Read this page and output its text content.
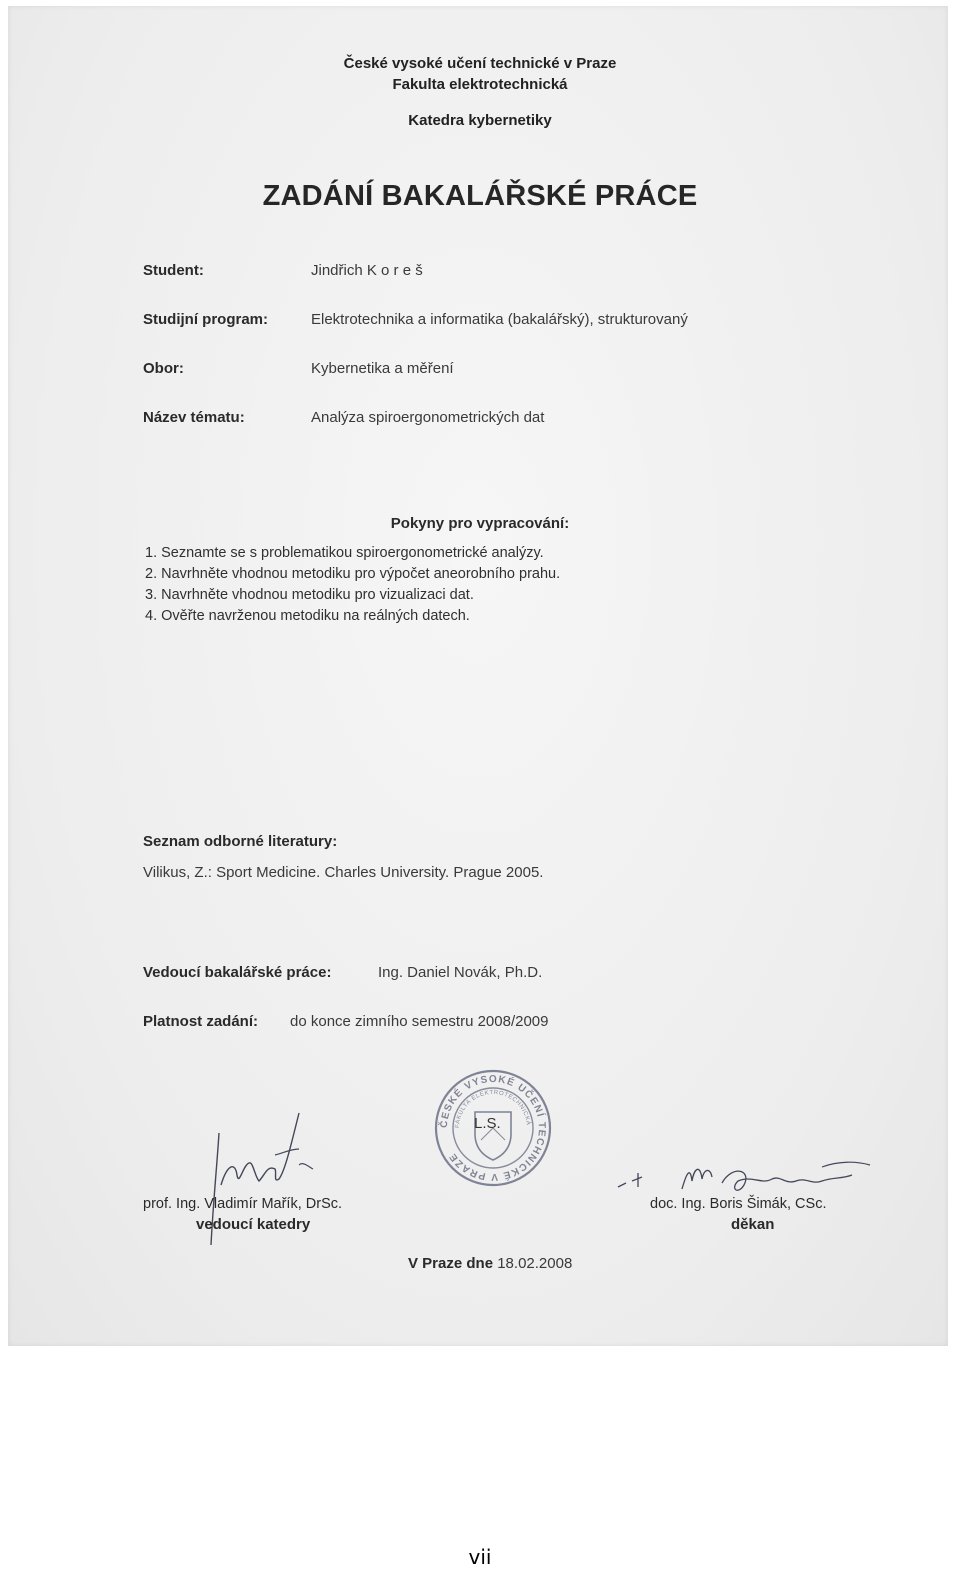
České vysoké učení technické v Praze
Fakulta elektrotechnická
Katedra kybernetiky
ZADÁNÍ BAKALÁŘSKÉ PRÁCE
Student:	Jindřich K o r e š
Studijní program:	Elektrotechnika a informatika (bakalářský), strukturovaný
Obor:	Kybernetika a měření
Název tématu:	Analýza spiroergonometrických dat
Pokyny pro vypracování:
1. Seznamte se s problematikou spiroergonometrické analýzy.
2. Navrhněte vhodnou metodiku pro výpočet aneorobního prahu.
3. Navrhněte vhodnou metodiku pro vizualizaci dat.
4. Ověřte navrženou metodiku na reálných datech.
Seznam odborné literatury:
Vilikus, Z.: Sport Medicine. Charles University. Prague 2005.
Vedoucí bakalářské práce:	Ing. Daniel Novák, Ph.D.
Platnost zadání: do konce zimního semestru 2008/2009
ČESKÉ VYSOKÉ UČENÍ TECHNICKÉ V PRAZE
FAKULTA ELEKTROTECHNICKÁ
L.S.
prof. Ing. Vladimír Mařík, DrSc.
vedoucí katedry
doc. Ing. Boris Šimák, CSc.
děkan
V Praze dne 18.02.2008
vii
